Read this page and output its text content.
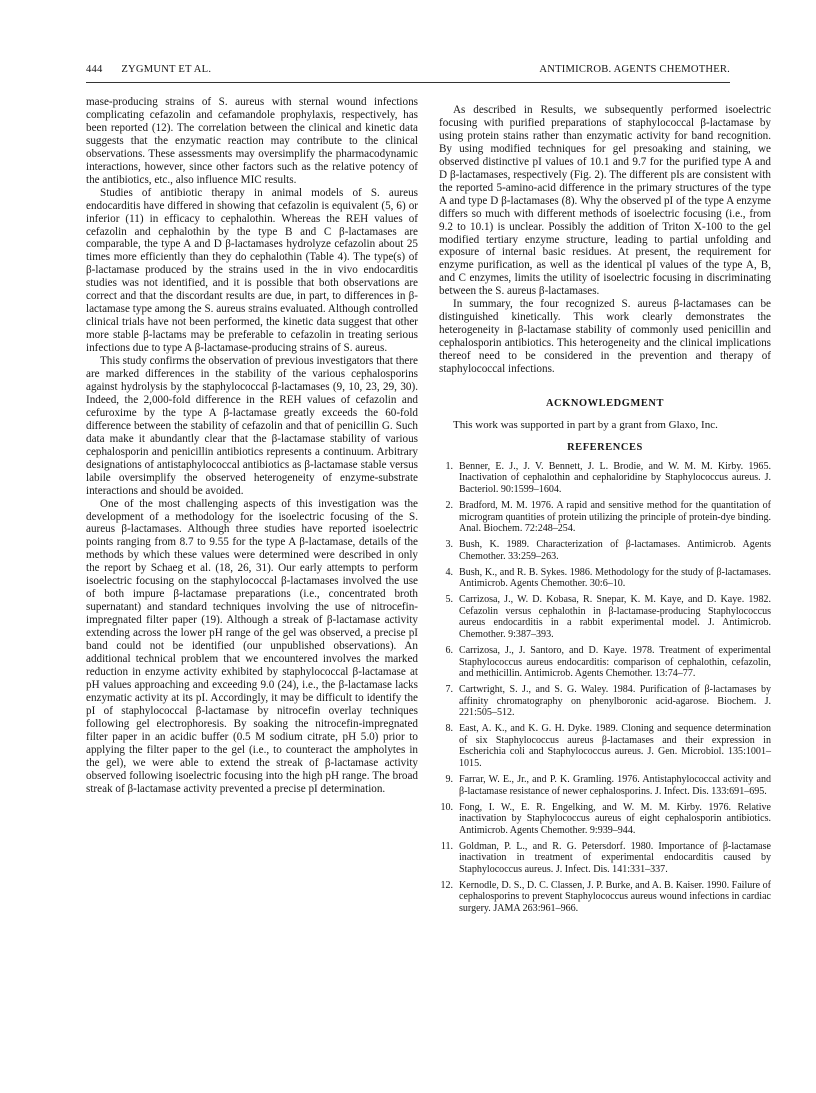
444 ZYGMUNT ET AL.	ANTIMICROB. AGENTS CHEMOTHER.

mase-producing strains of S. aureus with sternal wound infections complicating cefazolin and cefamandole prophylaxis, respectively, has been reported (12). The correlation between the clinical and kinetic data suggests that the enzymatic reaction may contribute to the clinical observations. These assessments may oversimplify the pharmacodynamic interactions, however, since other factors such as the relative potency of the antibiotics, etc., also influence MIC results.

Studies of antibiotic therapy in animal models of S. aureus endocarditis have differed in showing that cefazolin is equivalent (5, 6) or inferior (11) in efficacy to cephalothin. Whereas the REH values of cefazolin and cephalothin by the type B and C β-lactamases are comparable, the type A and D β-lactamases hydrolyze cefazolin about 25 times more efficiently than they do cephalothin (Table 4). The type(s) of β-lactamase produced by the strains used in the in vivo endocarditis studies was not identified, and it is possible that both observations are correct and that the discordant results are due, in part, to differences in β-lactamase type among the S. aureus strains evaluated. Although controlled clinical trials have not been performed, the kinetic data suggest that other more stable β-lactams may be preferable to cefazolin in treating serious infections due to type A β-lactamase-producing strains of S. aureus.

This study confirms the observation of previous investigators that there are marked differences in the stability of the various cephalosporins against hydrolysis by the staphylococcal β-lactamases (9, 10, 23, 29, 30). Indeed, the 2,000-fold difference in the REH values of cefazolin and cefuroxime by the type A β-lactamase greatly exceeds the 60-fold difference between the stability of cefazolin and that of penicillin G. Such data make it abundantly clear that the β-lactamase stability of various cephalosporin and penicillin antibiotics represents a continuum. Arbitrary designations of antistaphylococcal antibiotics as β-lactamase stable versus labile oversimplify the observed heterogeneity of enzyme-substrate interactions and should be avoided.

One of the most challenging aspects of this investigation was the development of a methodology for the isoelectric focusing of the S. aureus β-lactamases. Although three studies have reported isoelectric points ranging from 8.7 to 9.55 for the type A β-lactamase, details of the methods by which these values were determined were described in only the report by Schaeg et al. (18, 26, 31). Our early attempts to perform isoelectric focusing on the staphylococcal β-lactamases involved the use of both impure β-lactamase preparations (i.e., concentrated broth supernatant) and standard techniques involving the use of nitrocefin-impregnated filter paper (19). Although a streak of β-lactamase activity extending across the lower pH range of the gel was observed, a precise pI band could not be identified (our unpublished observations). An additional technical problem that we encountered involves the marked reduction in enzyme activity exhibited by staphylococcal β-lactamase at pH values approaching and exceeding 9.0 (24), i.e., the β-lactamase lacks enzymatic activity at its pI. Accordingly, it may be difficult to identify the pI of staphylococcal β-lactamase by nitrocefin overlay techniques following gel electrophoresis. By soaking the nitrocefin-impregnated filter paper in an acidic buffer (0.5 M sodium citrate, pH 5.0) prior to applying the filter paper to the gel (i.e., to counteract the ampholytes in the gel), we were able to extend the streak of β-lactamase activity observed following isoelectric focusing into the high pH range. The broad streak of β-lactamase activity prevented a precise pI determination.

As described in Results, we subsequently performed isoelectric focusing with purified preparations of staphylococcal β-lactamase by using protein stains rather than enzymatic activity for band recognition. By using modified techniques for gel presoaking and staining, we observed distinctive pI values of 10.1 and 9.7 for the purified type A and D β-lactamases, respectively (Fig. 2). The different pIs are consistent with the reported 5-amino-acid difference in the primary structures of the type A and type D β-lactamases (8). Why the observed pI of the type A enzyme differs so much with different methods of isoelectric focusing (i.e., from 9.2 to 10.1) is unclear. Possibly the addition of Triton X-100 to the gel modified tertiary enzyme structure, leading to partial unfolding and exposure of internal basic residues. At present, the requirement for enzyme purification, as well as the identical pI values of the type A, B, and C enzymes, limits the utility of isoelectric focusing in discriminating between the S. aureus β-lactamases.

In summary, the four recognized S. aureus β-lactamases can be distinguished kinetically. This work clearly demonstrates the heterogeneity in β-lactamase stability of commonly used penicillin and cephalosporin antibiotics. This heterogeneity and the clinical implications thereof need to be considered in the prevention and therapy of staphylococcal infections.

ACKNOWLEDGMENT

This work was supported in part by a grant from Glaxo, Inc.

REFERENCES
1. Benner, E. J., J. V. Bennett, J. L. Brodie, and W. M. M. Kirby. 1965. Inactivation of cephalothin and cephaloridine by Staphylococcus aureus. J. Bacteriol. 90:1599–1604.
2. Bradford, M. M. 1976. A rapid and sensitive method for the quantitation of microgram quantities of protein utilizing the principle of protein-dye binding. Anal. Biochem. 72:248–254.
3. Bush, K. 1989. Characterization of β-lactamases. Antimicrob. Agents Chemother. 33:259–263.
4. Bush, K., and R. B. Sykes. 1986. Methodology for the study of β-lactamases. Antimicrob. Agents Chemother. 30:6–10.
5. Carrizosa, J., W. D. Kobasa, R. Snepar, K. M. Kaye, and D. Kaye. 1982. Cefazolin versus cephalothin in β-lactamase-producing Staphylococcus aureus endocarditis in a rabbit experimental model. J. Antimicrob. Chemother. 9:387–393.
6. Carrizosa, J., J. Santoro, and D. Kaye. 1978. Treatment of experimental Staphylococcus aureus endocarditis: comparison of cephalothin, cefazolin, and methicillin. Antimicrob. Agents Chemother. 13:74–77.
7. Cartwright, S. J., and S. G. Waley. 1984. Purification of β-lactamases by affinity chromatography on phenylboronic acid-agarose. Biochem. J. 221:505–512.
8. East, A. K., and K. G. H. Dyke. 1989. Cloning and sequence determination of six Staphylococcus aureus β-lactamases and their expression in Escherichia coli and Staphylococcus aureus. J. Gen. Microbiol. 135:1001–1015.
9. Farrar, W. E., Jr., and P. K. Gramling. 1976. Antistaphylococcal activity and β-lactamase resistance of newer cephalosporins. J. Infect. Dis. 133:691–695.
10. Fong, I. W., E. R. Engelking, and W. M. M. Kirby. 1976. Relative inactivation by Staphylococcus aureus of eight cephalosporin antibiotics. Antimicrob. Agents Chemother. 9:939–944.
11. Goldman, P. L., and R. G. Petersdorf. 1980. Importance of β-lactamase inactivation in treatment of experimental endocarditis caused by Staphylococcus aureus. J. Infect. Dis. 141:331–337.
12. Kernodle, D. S., D. C. Classen, J. P. Burke, and A. B. Kaiser. 1990. Failure of cephalosporins to prevent Staphylococcus aureus wound infections in cardiac surgery. JAMA 263:961–966.
